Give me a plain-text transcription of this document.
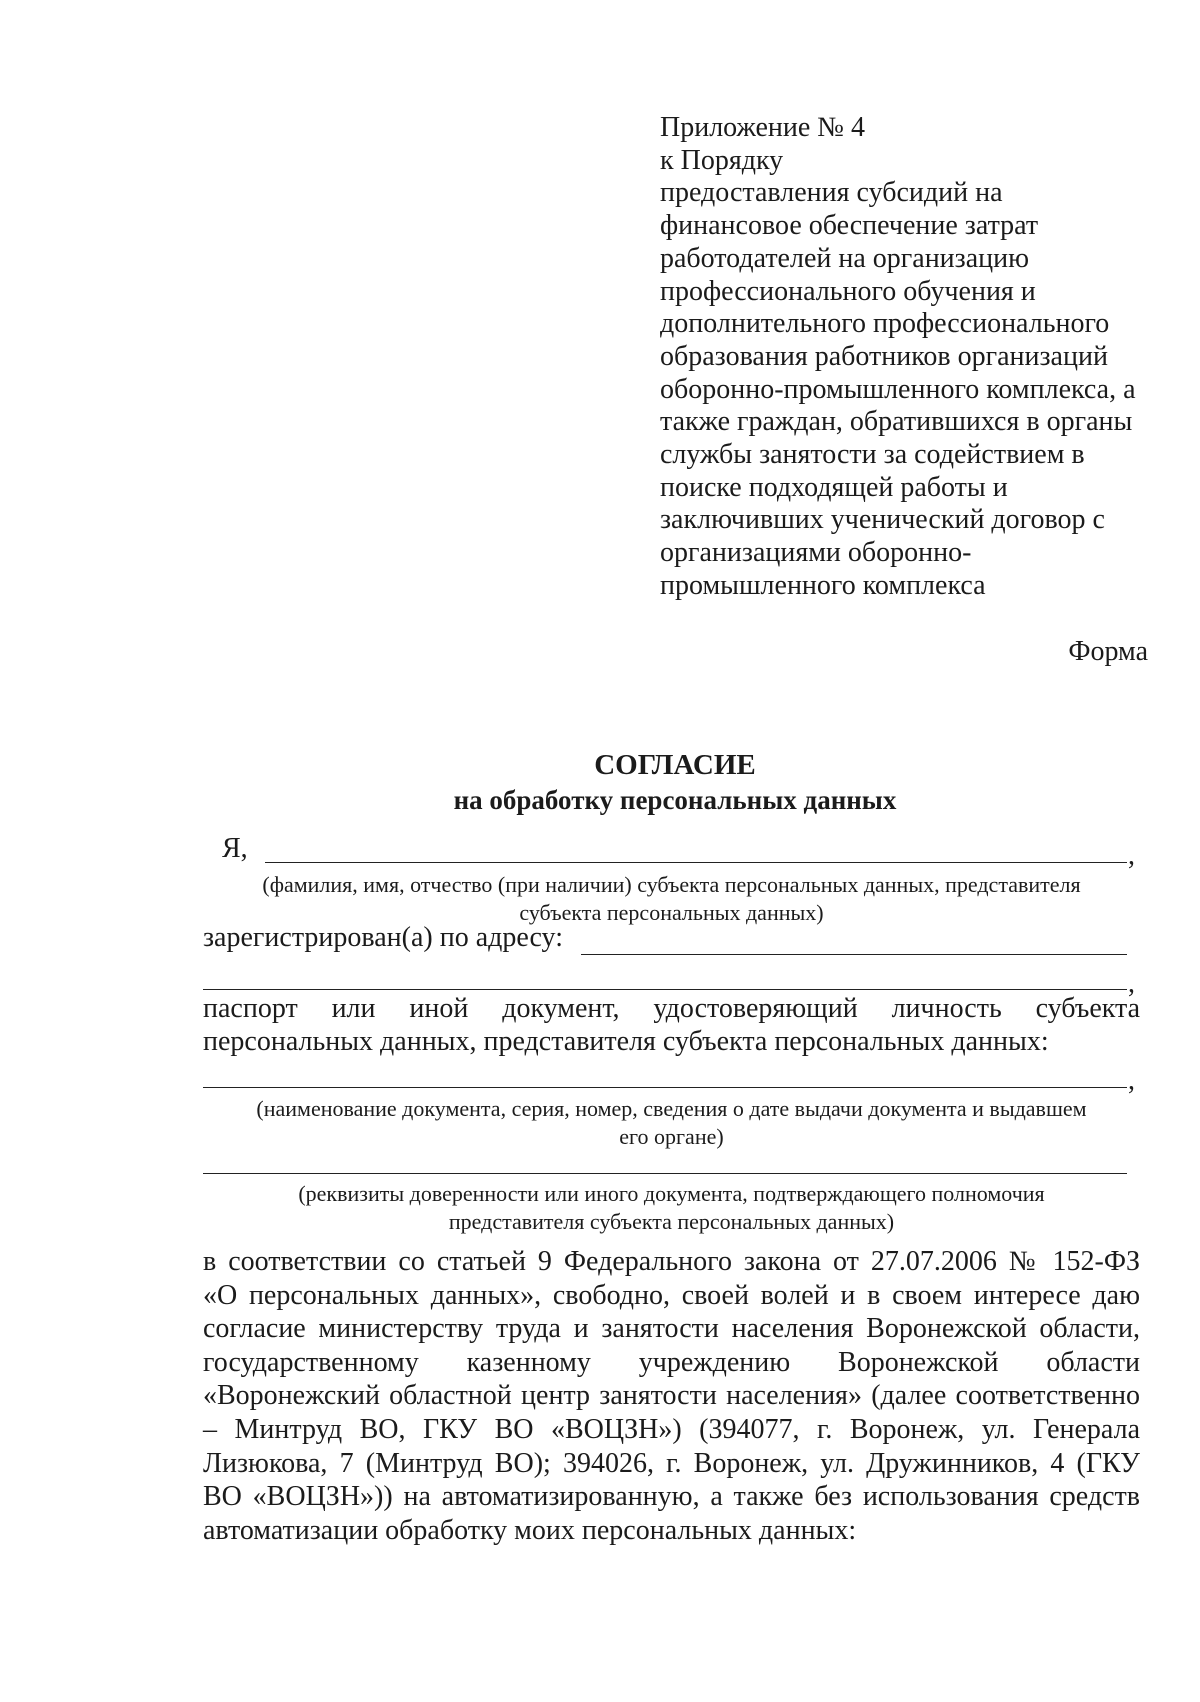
Приложение № 4
к Порядку
предоставления субсидий на
финансовое обеспечение затрат
работодателей на организацию
профессионального обучения и
дополнительного профессионального
образования работников организаций
оборонно-промышленного комплекса, а
также граждан, обратившихся в органы
службы занятости за содействием в
поиске подходящей работы и
заключивших ученический договор с
организациями оборонно-
промышленного комплекса
Форма
СОГЛАСИЕ
на обработку персональных данных
Я,	,
(фамилия, имя, отчество (при наличии) субъекта персональных данных, представителя
субъекта персональных данных)
зарегистрирован(а) по адресу:
,
паспорт или иной документ, удостоверяющий личность субъекта
персональных данных, представителя субъекта персональных данных:
,
(наименование документа, серия, номер, сведения о дате выдачи документа и выдавшем
его органе)
(реквизиты доверенности или иного документа, подтверждающего полномочия
представителя субъекта персональных данных)
в соответствии со статьей 9 Федерального закона от 27.07.2006 № 152-ФЗ
«О персональных данных», свободно, своей волей и в своем интересе даю
согласие министерству труда и занятости населения Воронежской области,
государственному казенному учреждению Воронежской области
«Воронежский областной центр занятости населения» (далее соответственно
– Минтруд ВО, ГКУ ВО «ВОЦЗН») (394077, г. Воронеж, ул. Генерала
Лизюкова, 7 (Минтруд ВО); 394026, г. Воронеж, ул. Дружинников, 4 (ГКУ
ВО «ВОЦЗН»)) на автоматизированную, а также без использования средств
автоматизации обработку моих персональных данных:
